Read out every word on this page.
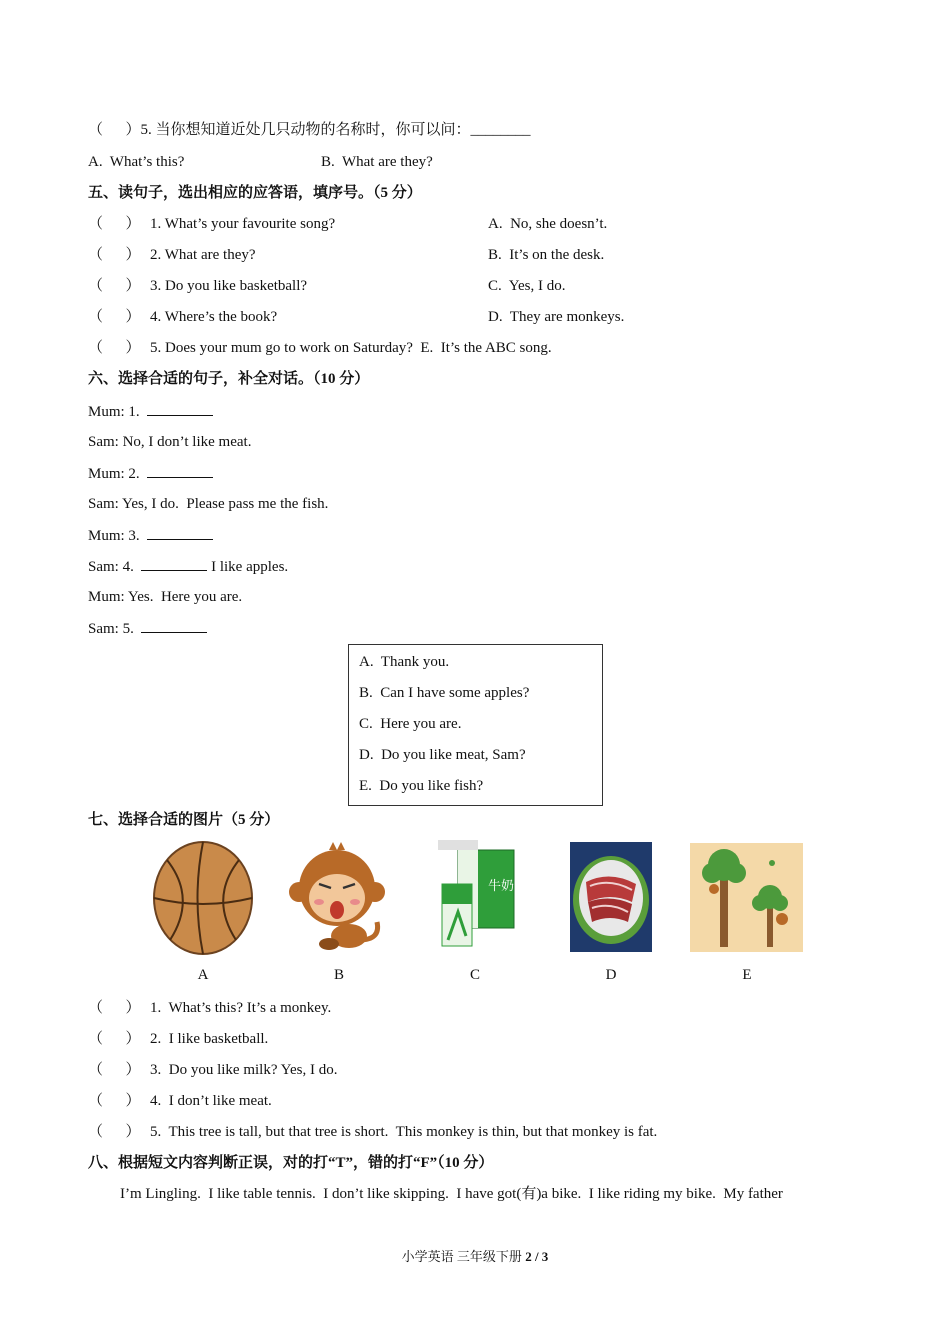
（      ）5. 当你想知道近处几只动物的名称时，你可以问：________
A.  What’s this?	B.  What are they?
五、读句子，选出相应的应答语，填序号。（5 分）
（      ） 1. What’s your favourite song?	A.  No, she doesn’t.
（      ） 2. What are they?	B.  It’s on the desk.
（      ） 3. Do you like basketball?	C.  Yes, I do.
（      ） 4. Where’s the book?	D.  They are monkeys.
（      ） 5. Does your mum go to work on Saturday?  E.  It’s the ABC song.
六、选择合适的句子，补全对话。（10 分）
Mum: 1.
Sam: No, I don’t like meat.
Mum: 2.
Sam: Yes, I do.  Please pass me the fish.
Mum: 3.
Sam: 4.	I like apples.
Mum: Yes.  Here you are.
Sam: 5.
A.  Thank you.
B.  Can I have some apples?
C.  Here you are.
D.  Do you like meat, Sam?
E.  Do you like fish?
七、选择合适的图片（5 分）
牛奶
A	B	C	D	E
（      ） 1.  What’s this? It’s a monkey.
（      ） 2.  I like basketball.
（      ） 3.  Do you like milk? Yes, I do.
（      ） 4.  I don’t like meat.
（      ） 5.  This tree is tall, but that tree is short.  This monkey is thin, but that monkey is fat.
八、根据短文内容判断正误，对的打“T”，错的打“F”（10 分）
I’m Lingling.  I like table tennis.  I don’t like skipping.  I have got(有)a bike.  I like riding my bike.  My father
小学英语 三年级下册 2 / 3
